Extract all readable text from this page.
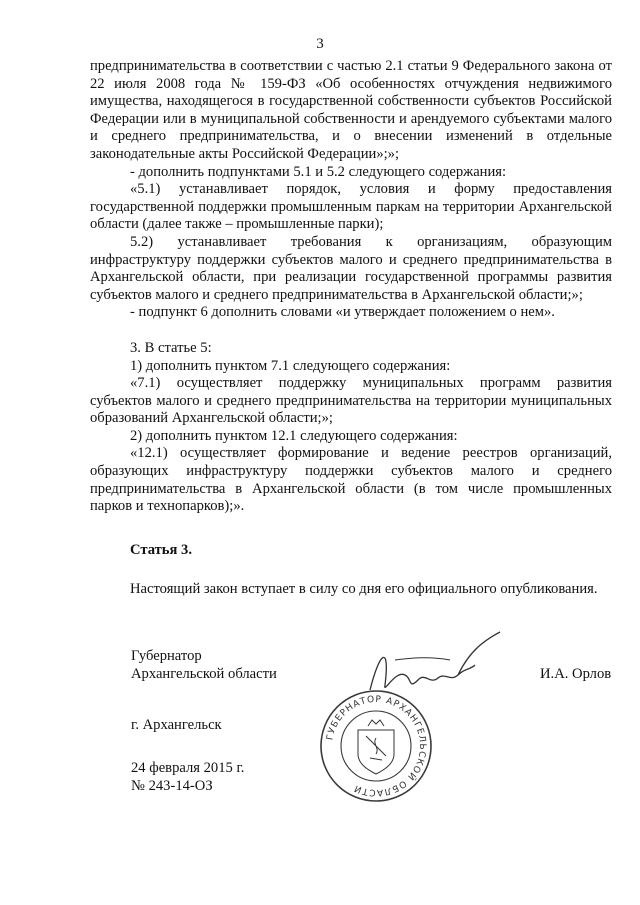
3

предпринимательства в соответствии с частью 2.1 статьи 9 Федерального закона от 22 июля 2008 года № 159-ФЗ «Об особенностях отчуждения недвижимого имущества, находящегося в государственной собственности субъектов Российской Федерации или в муниципальной собственности и арендуемого субъектами малого и среднего предпринимательства, и о внесении изменений в отдельные законодательные акты Российской Федерации»;»;

- дополнить подпунктами 5.1 и 5.2 следующего содержания:

«5.1) устанавливает порядок, условия и форму предоставления государственной поддержки промышленным паркам на территории Архангельской области (далее также – промышленные парки);

5.2) устанавливает требования к организациям, образующим инфраструктуру поддержки субъектов малого и среднего предпринимательства в Архангельской области, при реализации государственной программы развития субъектов малого и среднего предпринимательства в Архангельской области;»;

- подпункт 6 дополнить словами «и утверждает положением о нем».

3. В статье 5:

1) дополнить пунктом 7.1 следующего содержания:

«7.1) осуществляет поддержку муниципальных программ развития субъектов малого и среднего предпринимательства на территории муниципальных образований Архангельской области;»;

2) дополнить пунктом 12.1 следующего содержания:

«12.1) осуществляет формирование и ведение реестров организаций, образующих инфраструктуру поддержки субъектов малого и среднего предпринимательства в Архангельской области (в том числе промышленных парков и технопарков);».

Статья 3.

Настоящий закон вступает в силу со дня его официального опубликования.

Губернатор
Архангельской области	И.А. Орлов
ГУБЕРНАТОР АРХАНГЕЛЬСКОЙ ОБЛАСТИ
г. Архангельск
24 февраля 2015 г.
№ 243-14-ОЗ
